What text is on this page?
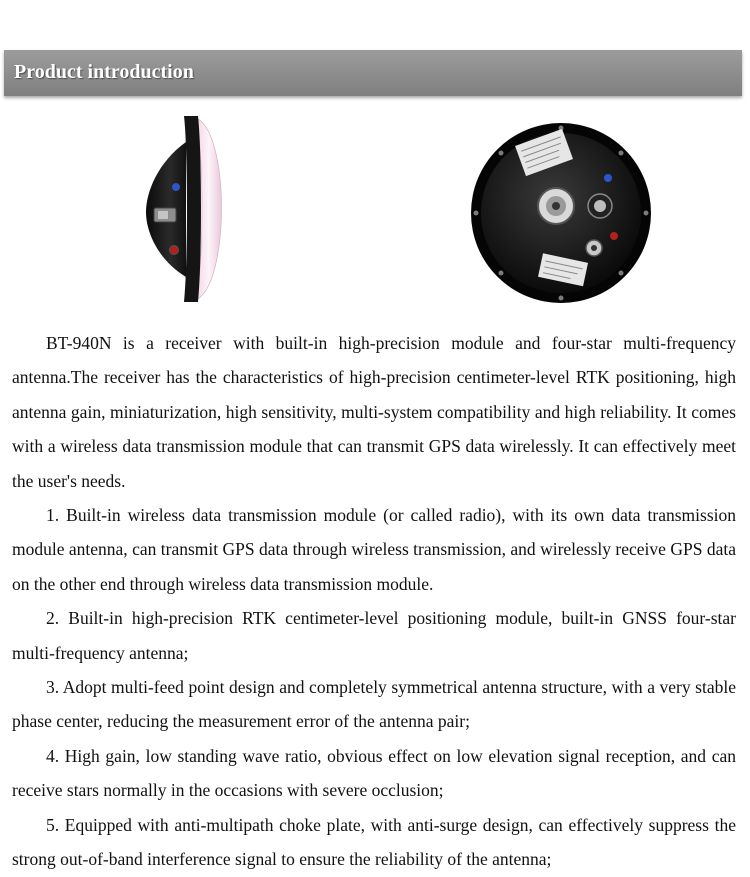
Product introduction

BT-940N is a receiver with built-in high-precision module and four-star multi-frequency antenna.The receiver has the characteristics of high-precision centimeter-level RTK positioning, high antenna gain, miniaturization, high sensitivity, multi-system compatibility and high reliability. It comes with a wireless data transmission module that can transmit GPS data wirelessly. It can effectively meet the user's needs.

1. Built-in wireless data transmission module (or called radio), with its own data transmission module antenna, can transmit GPS data through wireless transmission, and wirelessly receive GPS data on the other end through wireless data transmission module.

2. Built-in high-precision RTK centimeter-level positioning module, built-in GNSS four-star multi-frequency antenna;

3. Adopt multi-feed point design and completely symmetrical antenna structure, with a very stable phase center, reducing the measurement error of the antenna pair;

4. High gain, low standing wave ratio, obvious effect on low elevation signal reception, and can receive stars normally in the occasions with severe occlusion;

5. Equipped with anti-multipath choke plate, with anti-surge design, can effectively suppress the strong out-of-band interference signal to ensure the reliability of the antenna;
